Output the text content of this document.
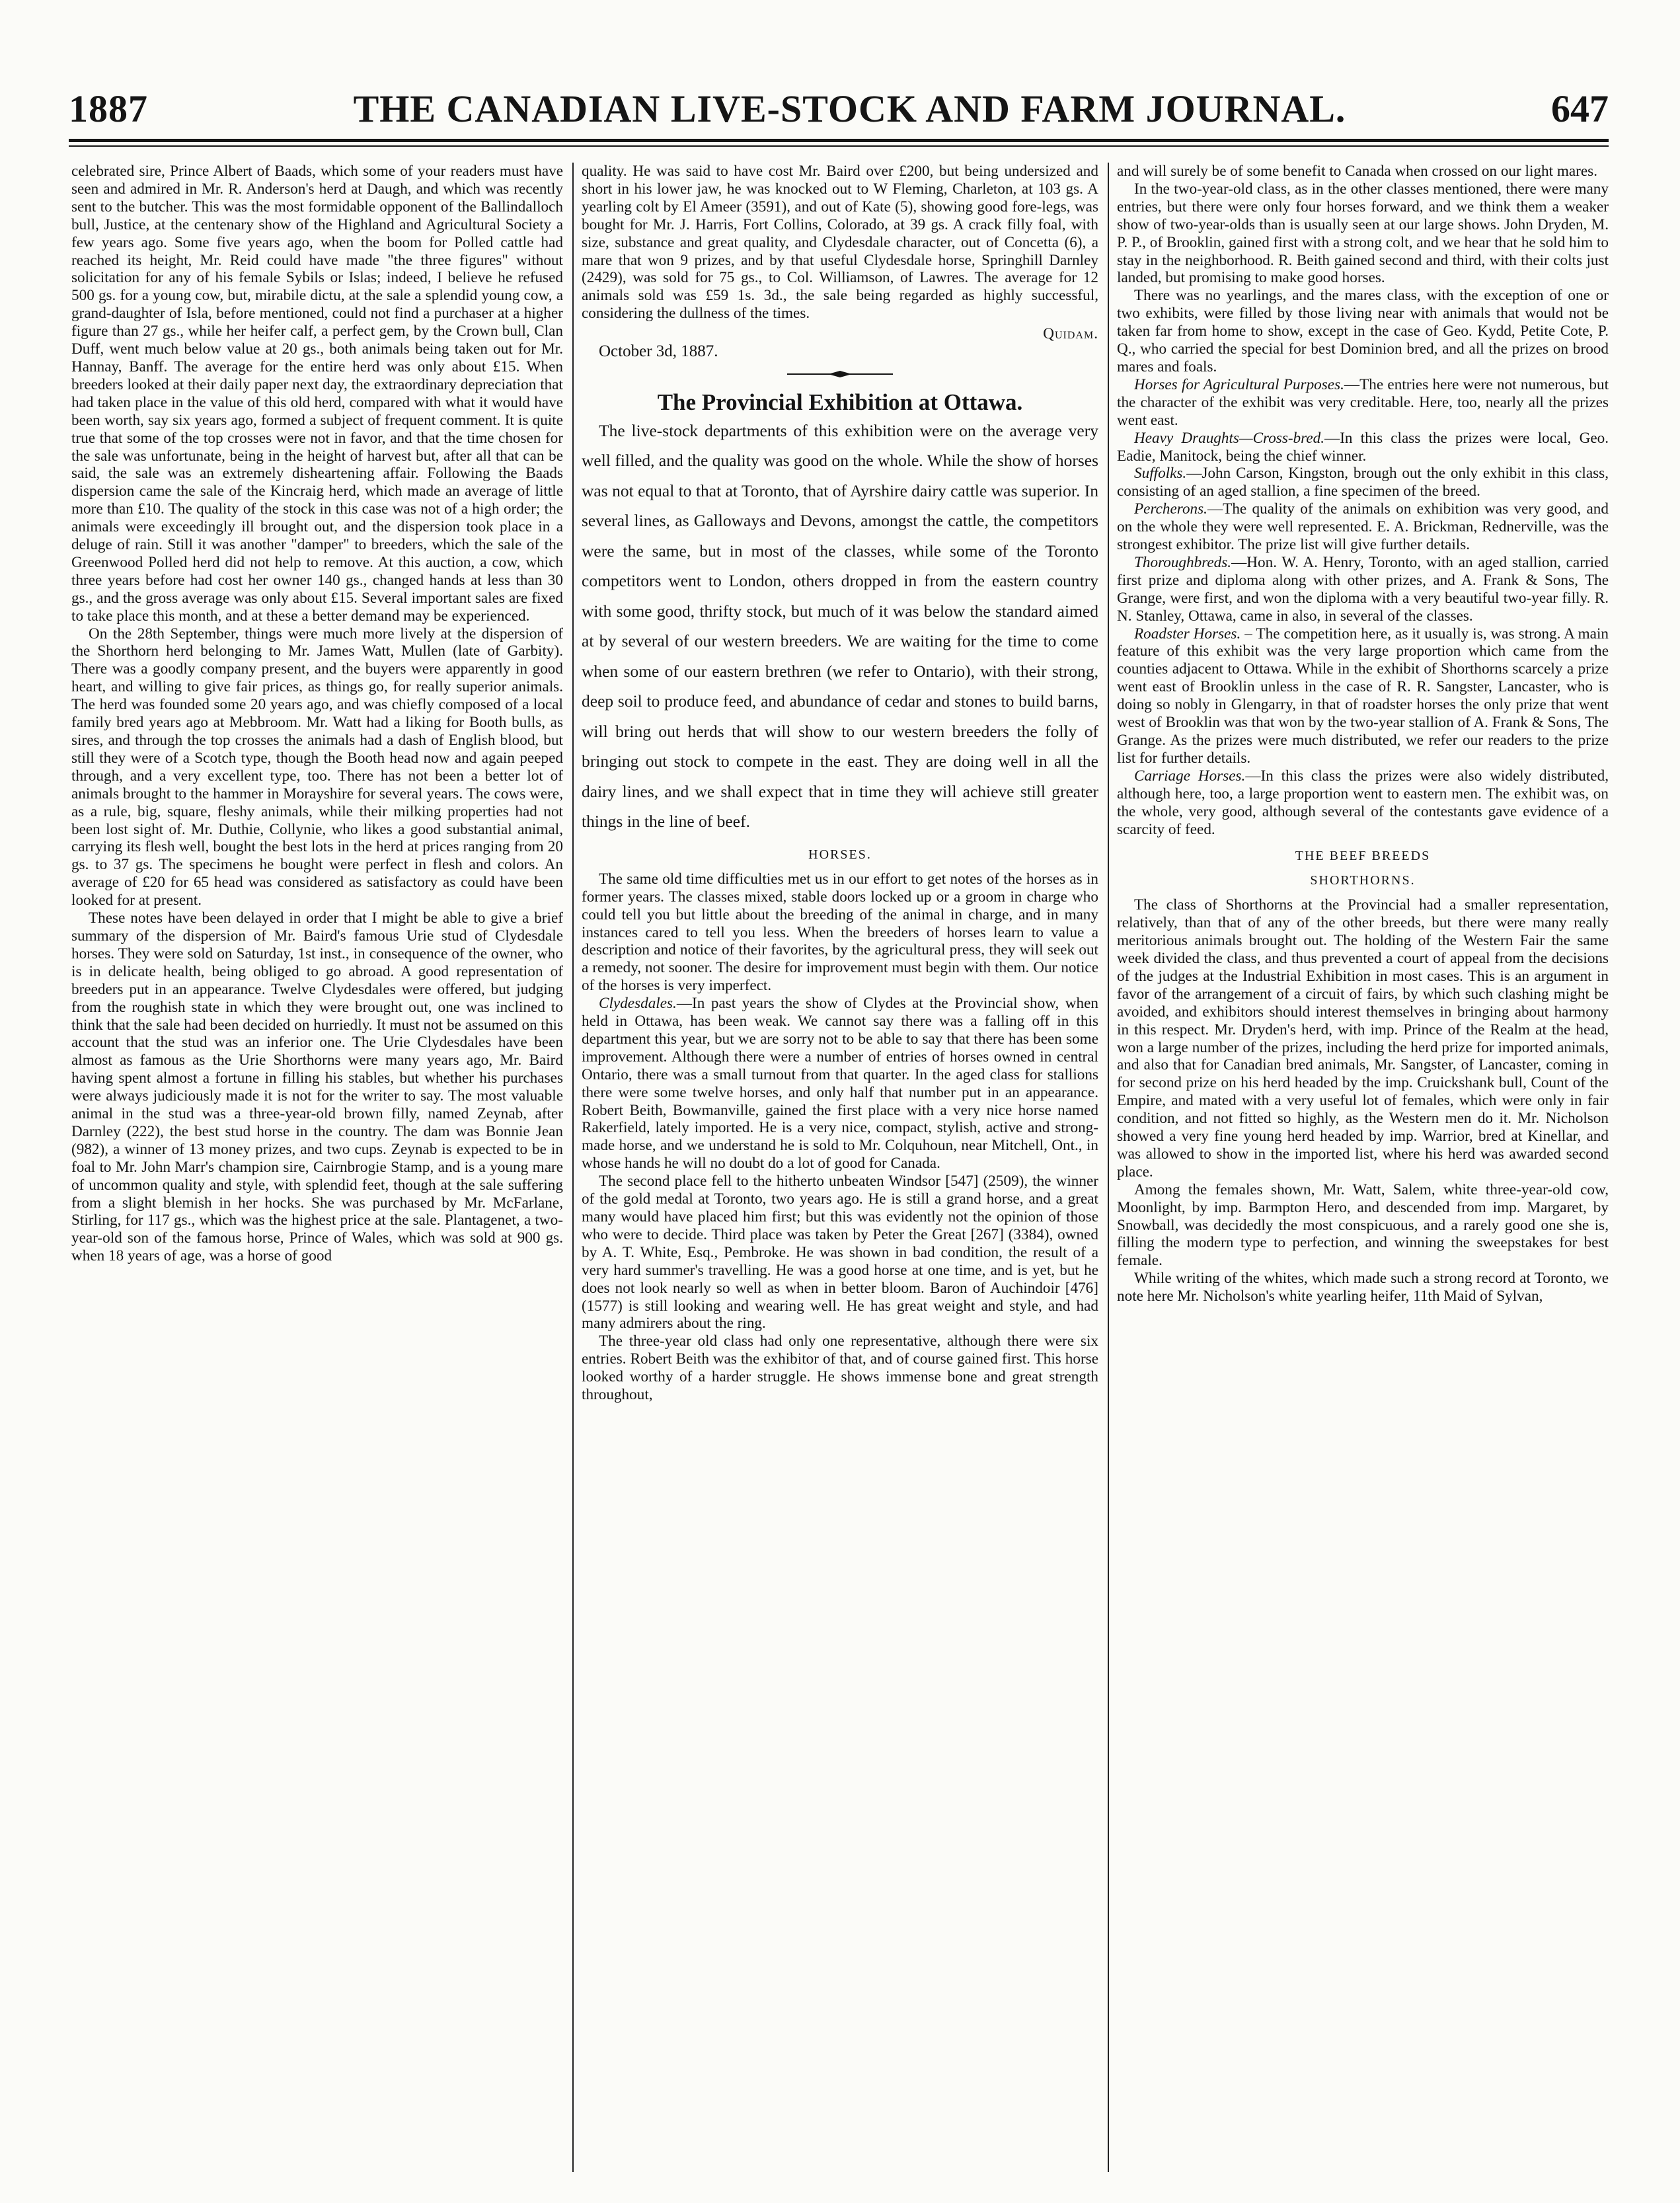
1887	THE CANADIAN LIVE-STOCK AND FARM JOURNAL.	647

celebrated sire, Prince Albert of Baads, which some of your readers must have seen and admired in Mr. R. Anderson's herd at Daugh, and which was recently sent to the butcher. This was the most formidable opponent of the Ballindalloch bull, Justice, at the centenary show of the Highland and Agricultural Society a few years ago. Some five years ago, when the boom for Polled cattle had reached its height, Mr. Reid could have made "the three figures" without solicitation for any of his female Sybils or Islas; indeed, I believe he refused 500 gs. for a young cow, but, mirabile dictu, at the sale a splendid young cow, a grand-daughter of Isla, before mentioned, could not find a purchaser at a higher figure than 27 gs., while her heifer calf, a perfect gem, by the Crown bull, Clan Duff, went much below value at 20 gs., both animals being taken out for Mr. Hannay, Banff. The average for the entire herd was only about £15. When breeders looked at their daily paper next day, the extraordinary depreciation that had taken place in the value of this old herd, compared with what it would have been worth, say six years ago, formed a subject of frequent comment. It is quite true that some of the top crosses were not in favor, and that the time chosen for the sale was unfortunate, being in the height of harvest but, after all that can be said, the sale was an extremely disheartening affair. Following the Baads dispersion came the sale of the Kincraig herd, which made an average of little more than £10. The quality of the stock in this case was not of a high order; the animals were exceedingly ill brought out, and the dispersion took place in a deluge of rain. Still it was another "damper" to breeders, which the sale of the Greenwood Polled herd did not help to remove. At this auction, a cow, which three years before had cost her owner 140 gs., changed hands at less than 30 gs., and the gross average was only about £15. Several important sales are fixed to take place this month, and at these a better demand may be experienced.

On the 28th September, things were much more lively at the dispersion of the Shorthorn herd belonging to Mr. James Watt, Mullen (late of Garbity). There was a goodly company present, and the buyers were apparently in good heart, and willing to give fair prices, as things go, for really superior animals. The herd was founded some 20 years ago, and was chiefly composed of a local family bred years ago at Mebbroom. Mr. Watt had a liking for Booth bulls, as sires, and through the top crosses the animals had a dash of English blood, but still they were of a Scotch type, though the Booth head now and again peeped through, and a very excellent type, too. There has not been a better lot of animals brought to the hammer in Morayshire for several years. The cows were, as a rule, big, square, fleshy animals, while their milking properties had not been lost sight of. Mr. Duthie, Collynie, who likes a good substantial animal, carrying its flesh well, bought the best lots in the herd at prices ranging from 20 gs. to 37 gs. The specimens he bought were perfect in flesh and colors. An average of £20 for 65 head was considered as satisfactory as could have been looked for at present.

These notes have been delayed in order that I might be able to give a brief summary of the dispersion of Mr. Baird's famous Urie stud of Clydesdale horses. They were sold on Saturday, 1st inst., in consequence of the owner, who is in delicate health, being obliged to go abroad. A good representation of breeders put in an appearance. Twelve Clydesdales were offered, but judging from the roughish state in which they were brought out, one was inclined to think that the sale had been decided on hurriedly. It must not be assumed on this account that the stud was an inferior one. The Urie Clydesdales have been almost as famous as the Urie Shorthorns were many years ago, Mr. Baird having spent almost a fortune in filling his stables, but whether his purchases were always judiciously made it is not for the writer to say. The most valuable animal in the stud was a three-year-old brown filly, named Zeynab, after Darnley (222), the best stud horse in the country. The dam was Bonnie Jean (982), a winner of 13 money prizes, and two cups. Zeynab is expected to be in foal to Mr. John Marr's champion sire, Cairnbrogie Stamp, and is a young mare of uncommon quality and style, with splendid feet, though at the sale suffering from a slight blemish in her hocks. She was purchased by Mr. McFarlane, Stirling, for 117 gs., which was the highest price at the sale. Plantagenet, a two-year-old son of the famous horse, Prince of Wales, which was sold at 900 gs. when 18 years of age, was a horse of good

quality. He was said to have cost Mr. Baird over £200, but being undersized and short in his lower jaw, he was knocked out to W Fleming, Charleton, at 103 gs. A yearling colt by El Ameer (3591), and out of Kate (5), showing good fore-legs, was bought for Mr. J. Harris, Fort Collins, Colorado, at 39 gs. A crack filly foal, with size, substance and great quality, and Clydesdale character, out of Concetta (6), a mare that won 9 prizes, and by that useful Clydesdale horse, Springhill Darnley (2429), was sold for 75 gs., to Col. Williamson, of Lawres. The average for 12 animals sold was £59 1s. 3d., the sale being regarded as highly successful, considering the dullness of the times.

Quidam.

October 3d, 1887.

The Provincial Exhibition at Ottawa.

The live-stock departments of this exhibition were on the average very well filled, and the quality was good on the whole. While the show of horses was not equal to that at Toronto, that of Ayrshire dairy cattle was superior. In several lines, as Galloways and Devons, amongst the cattle, the competitors were the same, but in most of the classes, while some of the Toronto competitors went to London, others dropped in from the eastern country with some good, thrifty stock, but much of it was below the standard aimed at by several of our western breeders. We are waiting for the time to come when some of our eastern brethren (we refer to Ontario), with their strong, deep soil to produce feed, and abundance of cedar and stones to build barns, will bring out herds that will show to our western breeders the folly of bringing out stock to compete in the east. They are doing well in all the dairy lines, and we shall expect that in time they will achieve still greater things in the line of beef.

HORSES.

The same old time difficulties met us in our effort to get notes of the horses as in former years. The classes mixed, stable doors locked up or a groom in charge who could tell you but little about the breeding of the animal in charge, and in many instances cared to tell you less. When the breeders of horses learn to value a description and notice of their favorites, by the agricultural press, they will seek out a remedy, not sooner. The desire for improvement must begin with them. Our notice of the horses is very imperfect.

Clydesdales.—In past years the show of Clydes at the Provincial show, when held in Ottawa, has been weak. We cannot say there was a falling off in this department this year, but we are sorry not to be able to say that there has been some improvement. Although there were a number of entries of horses owned in central Ontario, there was a small turnout from that quarter. In the aged class for stallions there were some twelve horses, and only half that number put in an appearance. Robert Beith, Bowmanville, gained the first place with a very nice horse named Rakerfield, lately imported. He is a very nice, compact, stylish, active and strong-made horse, and we understand he is sold to Mr. Colquhoun, near Mitchell, Ont., in whose hands he will no doubt do a lot of good for Canada.

The second place fell to the hitherto unbeaten Windsor [547] (2509), the winner of the gold medal at Toronto, two years ago. He is still a grand horse, and a great many would have placed him first; but this was evidently not the opinion of those who were to decide. Third place was taken by Peter the Great [267] (3384), owned by A. T. White, Esq., Pembroke. He was shown in bad condition, the result of a very hard summer's travelling. He was a good horse at one time, and is yet, but he does not look nearly so well as when in better bloom. Baron of Auchindoir [476] (1577) is still looking and wearing well. He has great weight and style, and had many admirers about the ring.

The three-year old class had only one representative, although there were six entries. Robert Beith was the exhibitor of that, and of course gained first. This horse looked worthy of a harder struggle. He shows immense bone and great strength throughout,

and will surely be of some benefit to Canada when crossed on our light mares.

In the two-year-old class, as in the other classes mentioned, there were many entries, but there were only four horses forward, and we think them a weaker show of two-year-olds than is usually seen at our large shows. John Dryden, M. P. P., of Brooklin, gained first with a strong colt, and we hear that he sold him to stay in the neighborhood. R. Beith gained second and third, with their colts just landed, but promising to make good horses.

There was no yearlings, and the mares class, with the exception of one or two exhibits, were filled by those living near with animals that would not be taken far from home to show, except in the case of Geo. Kydd, Petite Cote, P. Q., who carried the special for best Dominion bred, and all the prizes on brood mares and foals.

Horses for Agricultural Purposes.—The entries here were not numerous, but the character of the exhibit was very creditable. Here, too, nearly all the prizes went east.

Heavy Draughts—Cross-bred.—In this class the prizes were local, Geo. Eadie, Manitock, being the chief winner.

Suffolks.—John Carson, Kingston, brough out the only exhibit in this class, consisting of an aged stallion, a fine specimen of the breed.

Percherons.—The quality of the animals on exhibition was very good, and on the whole they were well represented. E. A. Brickman, Rednerville, was the strongest exhibitor. The prize list will give further details.

Thoroughbreds.—Hon. W. A. Henry, Toronto, with an aged stallion, carried first prize and diploma along with other prizes, and A. Frank & Sons, The Grange, were first, and won the diploma with a very beautiful two-year filly. R. N. Stanley, Ottawa, came in also, in several of the classes.

Roadster Horses. – The competition here, as it usually is, was strong. A main feature of this exhibit was the very large proportion which came from the counties adjacent to Ottawa. While in the exhibit of Shorthorns scarcely a prize went east of Brooklin unless in the case of R. R. Sangster, Lancaster, who is doing so nobly in Glengarry, in that of roadster horses the only prize that went west of Brooklin was that won by the two-year stallion of A. Frank & Sons, The Grange. As the prizes were much distributed, we refer our readers to the prize list for further details.

Carriage Horses.—In this class the prizes were also widely distributed, although here, too, a large proportion went to eastern men. The exhibit was, on the whole, very good, although several of the contestants gave evidence of a scarcity of feed.

THE BEEF BREEDS
SHORTHORNS.

The class of Shorthorns at the Provincial had a smaller representation, relatively, than that of any of the other breeds, but there were many really meritorious animals brought out. The holding of the Western Fair the same week divided the class, and thus prevented a court of appeal from the decisions of the judges at the Industrial Exhibition in most cases. This is an argument in favor of the arrangement of a circuit of fairs, by which such clashing might be avoided, and exhibitors should interest themselves in bringing about harmony in this respect. Mr. Dryden's herd, with imp. Prince of the Realm at the head, won a large number of the prizes, including the herd prize for imported animals, and also that for Canadian bred animals, Mr. Sangster, of Lancaster, coming in for second prize on his herd headed by the imp. Cruickshank bull, Count of the Empire, and mated with a very useful lot of females, which were only in fair condition, and not fitted so highly, as the Western men do it. Mr. Nicholson showed a very fine young herd headed by imp. Warrior, bred at Kinellar, and was allowed to show in the imported list, where his herd was awarded second place.

Among the females shown, Mr. Watt, Salem, white three-year-old cow, Moonlight, by imp. Barmpton Hero, and descended from imp. Margaret, by Snowball, was decidedly the most conspicuous, and a rarely good one she is, filling the modern type to perfection, and winning the sweepstakes for best female.

While writing of the whites, which made such a strong record at Toronto, we note here Mr. Nicholson's white yearling heifer, 11th Maid of Sylvan,
